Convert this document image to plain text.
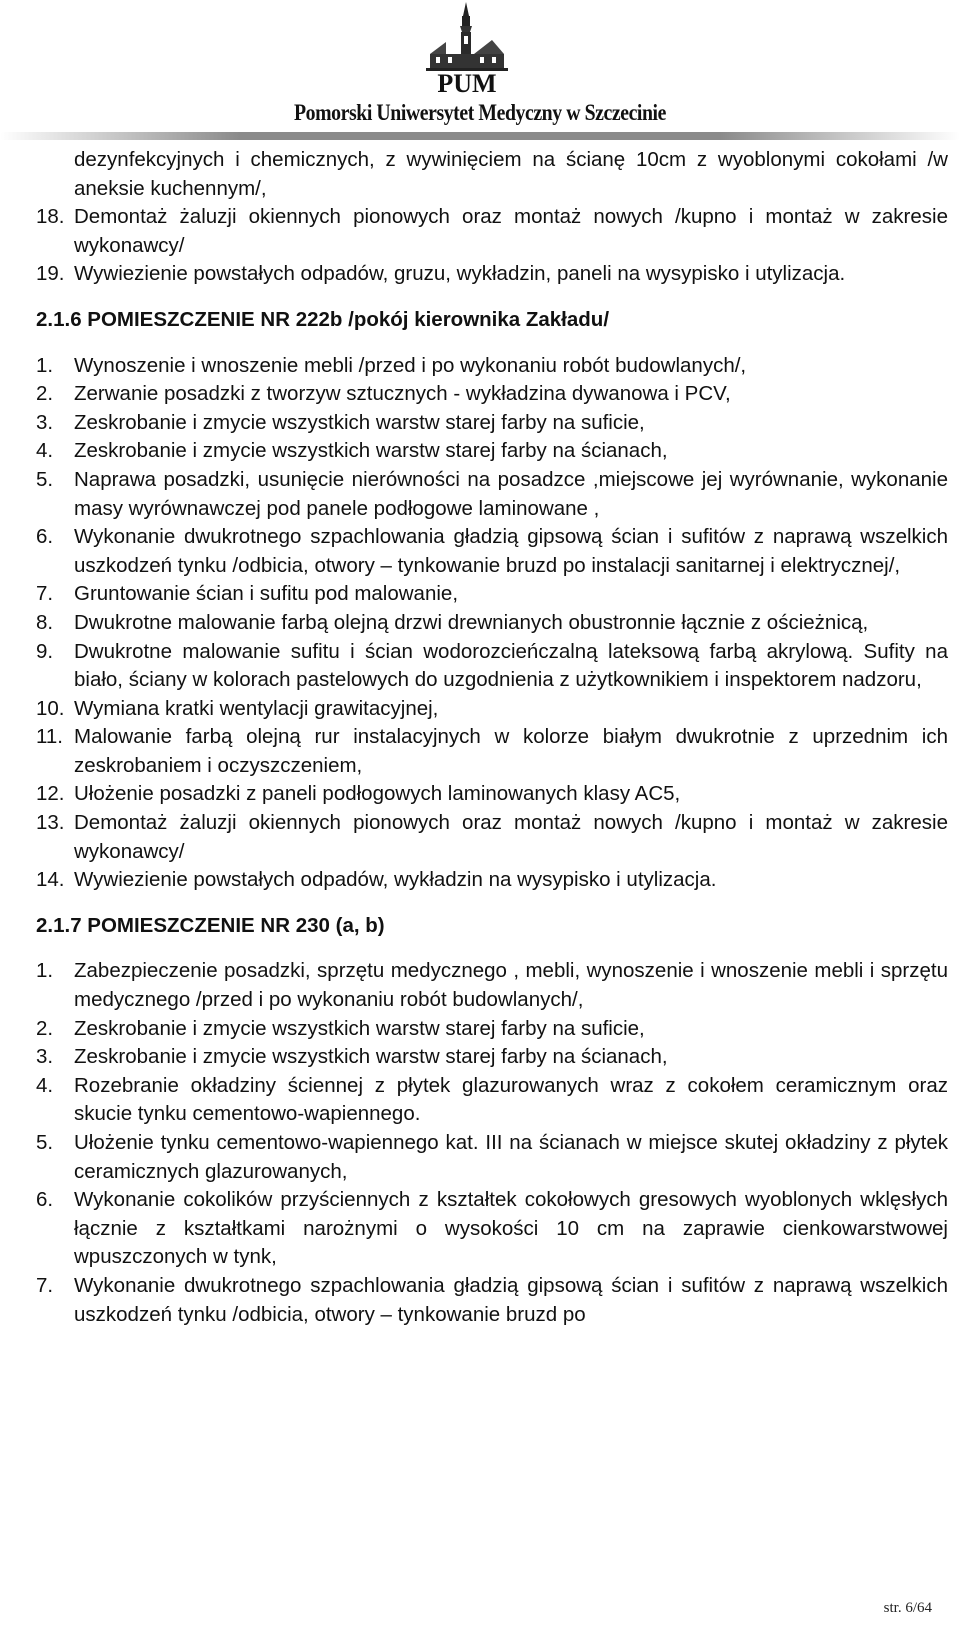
PUM
Pomorski Uniwersytet Medyczny w Szczecinie
dezynfekcyjnych i chemicznych, z wywinięciem na ścianę 10cm z wyoblonymi cokołami /w aneksie kuchennym/,
18. Demontaż żaluzji okiennych pionowych oraz montaż nowych /kupno i montaż w zakresie wykonawcy/
19. Wywiezienie powstałych odpadów, gruzu, wykładzin, paneli na wysypisko i utylizacja.
2.1.6 POMIESZCZENIE NR 222b /pokój kierownika Zakładu/
1.	Wynoszenie i wnoszenie mebli /przed i po wykonaniu robót budowlanych/,
2.	Zerwanie posadzki z tworzyw sztucznych - wykładzina dywanowa i PCV,
3.	Zeskrobanie i zmycie wszystkich warstw starej farby na suficie,
4.	Zeskrobanie i zmycie wszystkich warstw starej farby na ścianach,
5.	Naprawa posadzki, usunięcie nierówności na posadzce ,miejscowe jej wyrównanie, wykonanie masy wyrównawczej pod panele podłogowe laminowane ,
6.	Wykonanie dwukrotnego szpachlowania gładzią gipsową ścian i sufitów z naprawą wszelkich uszkodzeń tynku /odbicia, otwory – tynkowanie bruzd po instalacji sanitarnej i elektrycznej/,
7.	Gruntowanie ścian i sufitu pod malowanie,
8.	Dwukrotne malowanie farbą olejną drzwi drewnianych obustronnie łącznie z ościeżnicą,
9.	Dwukrotne malowanie sufitu i ścian wodorozcieńczalną lateksową farbą akrylową. Sufity na biało, ściany w kolorach pastelowych do uzgodnienia z użytkownikiem i inspektorem nadzoru,
10. Wymiana kratki wentylacji grawitacyjnej,
11. Malowanie farbą olejną rur instalacyjnych w kolorze białym dwukrotnie z uprzednim ich zeskrobaniem i oczyszczeniem,
12. Ułożenie posadzki z paneli podłogowych laminowanych klasy AC5,
13. Demontaż żaluzji okiennych pionowych oraz montaż nowych /kupno i montaż w zakresie wykonawcy/
14. Wywiezienie powstałych odpadów, wykładzin na wysypisko i utylizacja.
2.1.7 POMIESZCZENIE NR 230 (a, b)
1.	Zabezpieczenie posadzki, sprzętu medycznego , mebli, wynoszenie i wnoszenie mebli i sprzętu medycznego /przed i po wykonaniu robót budowlanych/,
2.	Zeskrobanie i zmycie wszystkich warstw starej farby na suficie,
3.	Zeskrobanie i zmycie wszystkich warstw starej farby na ścianach,
4.	Rozebranie okładziny ściennej z płytek glazurowanych wraz z cokołem ceramicznym oraz skucie tynku cementowo-wapiennego.
5.	Ułożenie tynku cementowo-wapiennego kat. III na ścianach w miejsce skutej okładziny z płytek ceramicznych glazurowanych,
6.	Wykonanie cokolików przyściennych z kształtek cokołowych gresowych wyoblonych wklęsłych łącznie z kształtkami narożnymi o wysokości 10 cm na zaprawie cienkowarstwowej wpuszczonych w tynk,
7.	Wykonanie dwukrotnego szpachlowania gładzią gipsową ścian i sufitów z naprawą wszelkich uszkodzeń tynku /odbicia, otwory – tynkowanie bruzd po
str. 6/64
